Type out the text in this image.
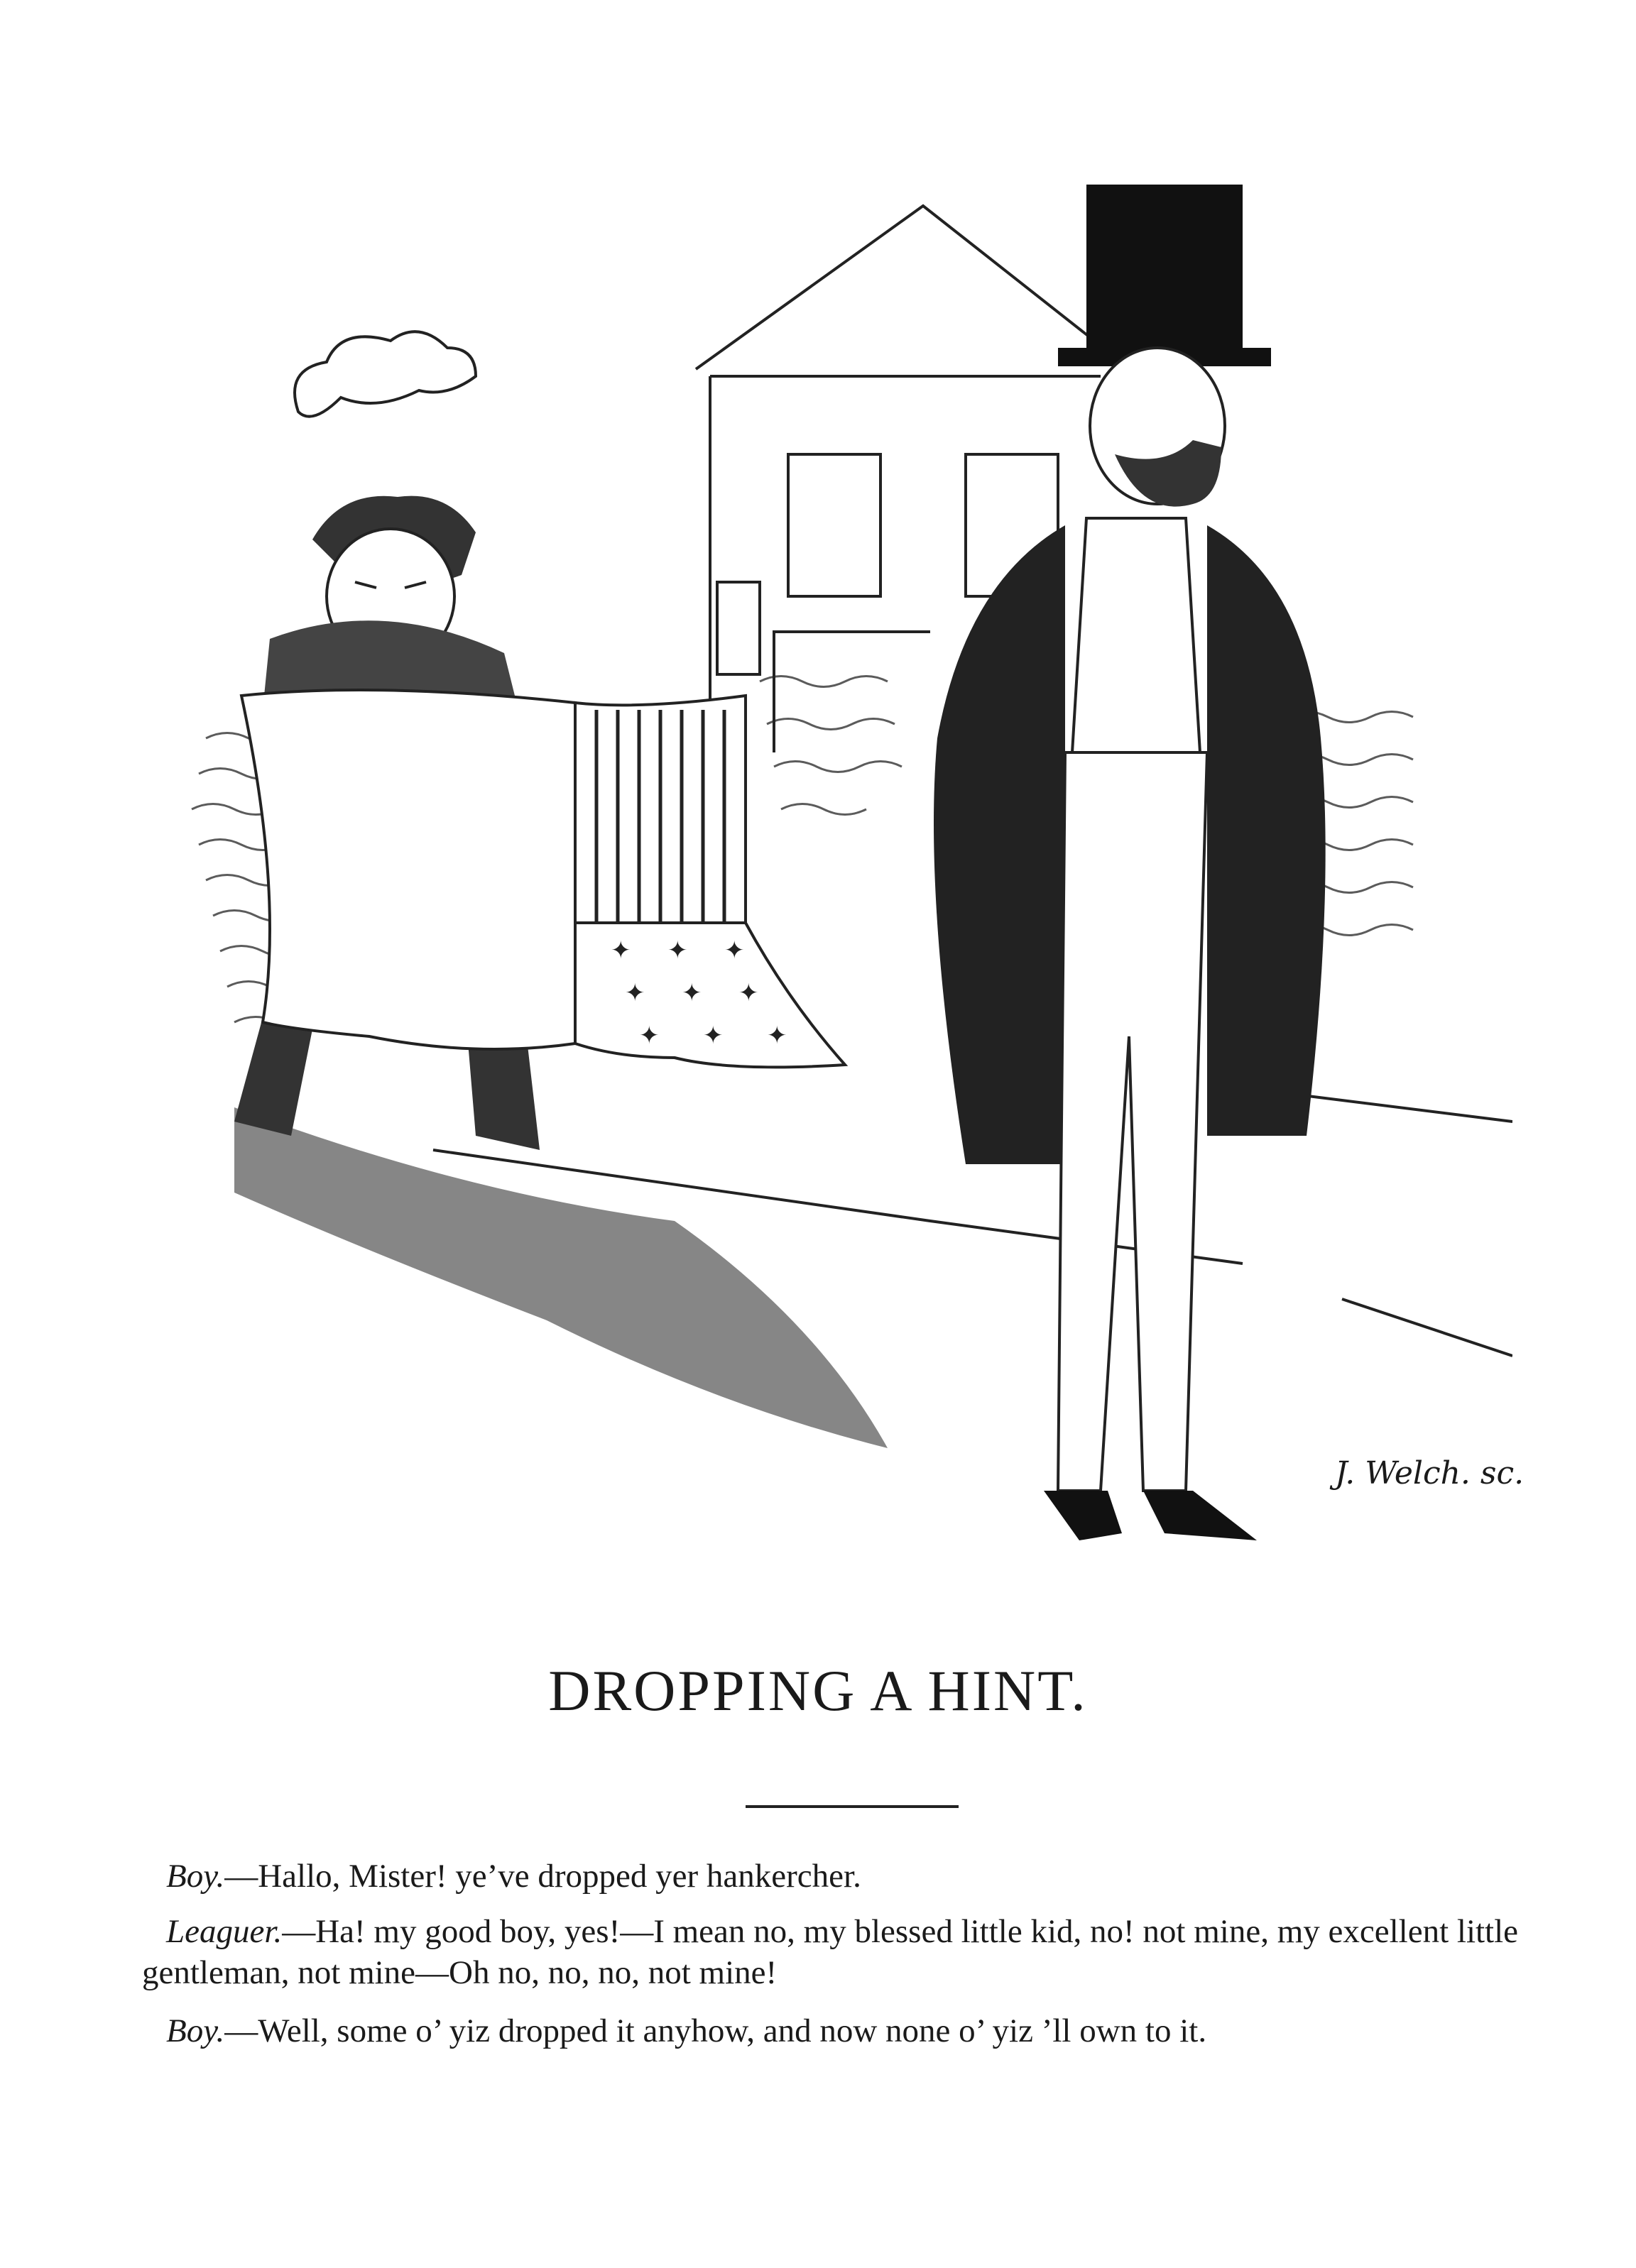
✦ ✦ ✦
✦ ✦ ✦
✦ ✦ ✦
J. Welch. sc.
DROPPING A HINT.

Boy.—Hallo, Mister! ye’ve dropped yer hankercher.

Leaguer.—Ha! my good boy, yes!—I mean no, my blessed little kid, no! not mine, my excellent little gentleman, not mine—Oh no, no, no, not mine!

Boy.—Well, some o’ yiz dropped it anyhow, and now none o’ yiz ’ll own to it.
